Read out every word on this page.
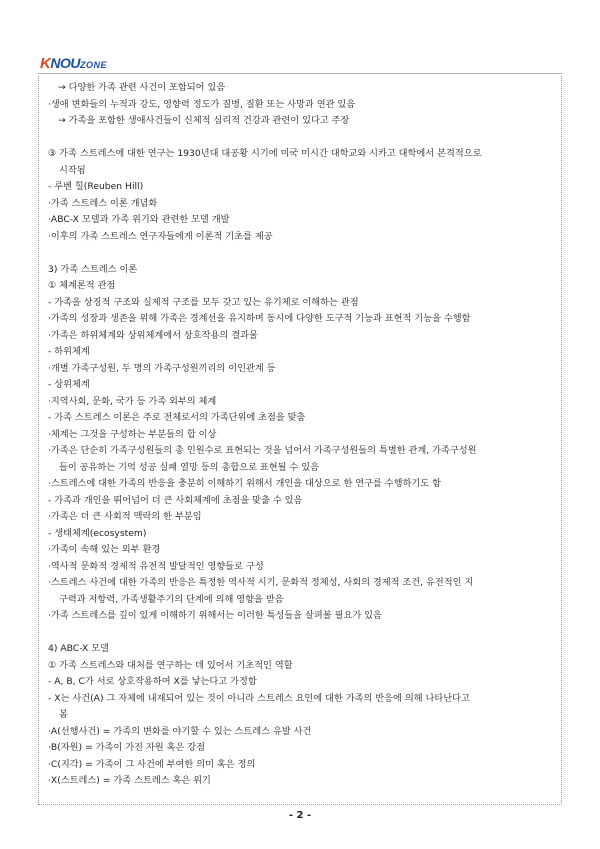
KNOUZONE
→ 다양한 가족 관련 사건이 포함되어 있음
·생애 변화들의 누적과 강도, 영향력 정도가 질병, 질환 또는 사망과 연관 있음
→ 가족을 포함한 생애사건들이 신체적 심리적 건강과 관련이 있다고 주장
③ 가족 스트레스에 대한 연구는 1930년대 대공황 시기에 미국 미시간 대학교와 시카고 대학에서 본격적으로
시작됨
- 루벤 힐(Reuben Hill)
·가족 스트레스 이론 개념화
·ABC-X 모델과 가족 위기와 관련한 모델 개발
·이후의 가족 스트레스 연구자들에게 이론적 기초를 제공
3) 가족 스트레스 이론
① 체계론적 관점
- 가족을 상징적 구조와 실제적 구조를 모두 갖고 있는 유기체로 이해하는 관점
·가족의 성장과 생존을 위해 가족은 경계선을 유지하며 동시에 다양한 도구적 기능과 표현적 기능을 수행함
·가족은 하위체계와 상위체계에서 상호작용의 결과물
- 하위체계
·개별 가족구성원, 두 명의 가족구성원끼리의 이인관계 등
- 상위체계
·지역사회, 문화, 국가 등 가족 외부의 체계
- 가족 스트레스 이론은 주로 전체로서의 가족단위에 초점을 맞춤
·체계는 그것을 구성하는 부분들의 합 이상
·가족은 단순히 가족구성원들의 총 인원수로 표현되는 것을 넘어서 가족구성원들의 특별한 관계, 가족구성원
들이 공유하는 기억 성공 실패 열망 등의 총합으로 표현될 수 있음
·스트레스에 대한 가족의 반응을 충분히 이해하기 위해서 개인을 대상으로 한 연구를 수행하기도 함
- 가족과 개인을 뛰어넘어 더 큰 사회체계에 초점을 맞출 수 있음
·가족은 더 큰 사회적 맥락의 한 부분임
- 생태체계(ecosystem)
·가족이 속해 있는 외부 환경
·역사적 문화적 경제적 유전적 발달적인 영향들로 구성
·스트레스 사건에 대한 가족의 반응은 특정한 역사적 시기, 문화적 정체성, 사회의 경제적 조건, 유전적인 지
구력과 저항력, 가족생활주기의 단계에 의해 영향을 받음
·가족 스트레스를 깊이 있게 이해하기 위해서는 이러한 특성들을 살펴볼 필요가 있음
4) ABC-X 모델
① 가족 스트레스와 대처를 연구하는 데 있어서 기초적인 역할
- A, B, C가 서로 상호작용하여 X를 낳는다고 가정함
- X는 사건(A) 그 자체에 내재되어 있는 것이 아니라 스트레스 요인에 대한 가족의 반응에 의해 나타난다고
봄
·A(선행사건) = 가족의 변화를 야기할 수 있는 스트레스 유발 사건
·B(자원) = 가족이 가진 자원 혹은 강점
·C(지각) = 가족이 그 사건에 부여한 의미 혹은 정의
·X(스트레스) = 가족 스트레스 혹은 위기
- 2 -
